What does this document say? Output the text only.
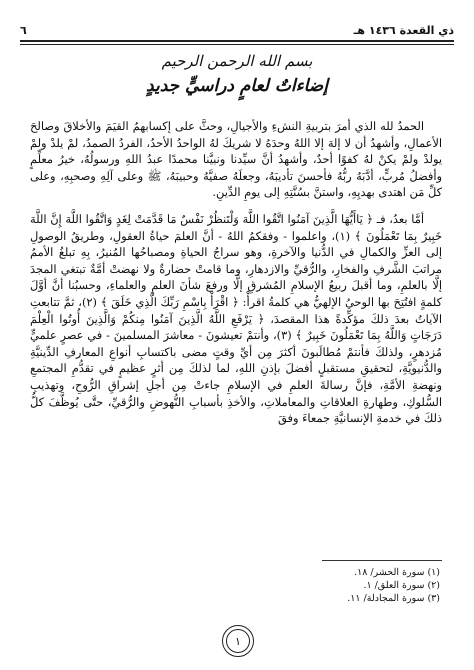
ذي القعدة ١٤٣٦ هـ
٦
بسم الله الرحمن الرحيم
إضاءاتٌ لعامٍ دراسيٍّ جديدٍ

الحمدُ لله الذي أمرَ بتربيةِ النشءِ والأجيالِ، وحثَّ على إكسابهمُ القيَمَ والأخلاقَ وصالحَ الأعمالِ، وأشهدُ أن لا إلهَ إلا اللهُ وحدَهُ لا شريكَ لهُ الواحدُ الأحدُ، الفردُ الصمدُ، لمْ يلدْ ولمْ يولدْ ولمْ يكنْ لهُ كفوًا أحدٌ، وأشهدُ أنَّ سيِّدنا ونبيَّنا محمدًا عبدُ اللهِ ورسولُهُ، خيرُ معلِّمٍ وأفضلُ مُربٍّ، أدَّبَهُ ربُّهُ فأحسنَ تأديبَهُ، وجعلَهُ صفيَّهُ وحبيبَهُ، ﷺ وعلى آلِهِ وصحبِهِ، وعلى كلِّ مَن اهتدى بهديِهِ، واستنَّ بسُنَّتِهِ إلى يومِ الدِّينِ.

أمَّا بعدُ، فـ ﴿ يَاأَيُّهَا الَّذِينَ آمَنُوا اتَّقُوا اللَّهَ وَلْتَنظُرْ نَفْسٌ مَا قَدَّمَتْ لِغَدٍ وَاتَّقُوا اللَّهَ إِنَّ اللَّهَ خَبِيرٌ بِمَا تَعْمَلُونَ ﴾ (١)، واعلموا - وفقكمُ اللهُ - أنَّ العلمَ حياةُ العقولِ، وطريقُ الوصولِ إلى العزِّ والكمالِ في الدُّنيا والآخرةِ، وهو سراجُ الحياةِ ومصباحُها المُنيرُ، بِهِ تبلغُ الأممُ مراتبَ الشَّرفِ والفخارِ، والرُّقيِّ والازدهارِ، وما قامتْ حضارةٌ ولا نهضتْ أمَّةٌ تبتغي المجدَ إلَّا بالعلمِ، وما أقبلَ ربيعُ الإسلامِ المُشرقِ إلَّا ورفعَ شأنَ العلمِ والعلماءِ، وحسبُنا أنَّ أوَّلَ كلمةٍ افتُتِحَ بها الوحيُ الإلهيُّ هي كلمةُ اقرأْ: ﴿ اقْرَأْ بِاسْمِ رَبِّكَ الَّذِي خَلَقَ ﴾ (٢)، ثمَّ تتابعتِ الآياتُ بعدَ ذلكَ مؤكِّدةً هذا المقصدَ، ﴿ يَرْفَعِ اللَّهُ الَّذِينَ آمَنُوا مِنكُمْ وَالَّذِينَ أُوتُوا الْعِلْمَ دَرَجَاتٍ وَاللَّهُ بِمَا تَعْمَلُونَ خَبِيرٌ ﴾ (٣)، وأنتمْ تعيشونَ - معاشرَ المسلمينَ - في عصرٍ علميٍّ مُزدهرٍ، ولذلكَ فأنتمْ مُطالَبونَ أكثرَ مِن أيِّ وقتٍ مضى باكتسابِ أنواعِ المعارفِ الدِّينيَّةِ والدُّنيويَّةِ، لتحقيقِ مستقبلٍ أفضلَ بإذنِ اللهِ، لما لذلكَ مِن أثرٍ عظيمٍ في تقدُّمِ المجتمعِ ونهضةِ الأمَّةِ، فإنَّ رسالةَ العلمِ في الإسلامِ جاءتْ مِن أجلِ إشراقِ الرُّوحِ، وتهذيبِ السُّلوكِ، وطهارةِ العلاقاتِ والمعاملاتِ، والأخذِ بأسبابِ النُّهوضِ والرُّقيِّ، حتَّى يُوظَّفَ كلُّ ذلكَ في خدمةِ الإنسانيَّةِ جمعاءَ وفقَ

(١) سورة الحشر/ ١٨.
(٢) سورة العلق/ ١.
(٣) سورة المجادلة/ ١١.
١
